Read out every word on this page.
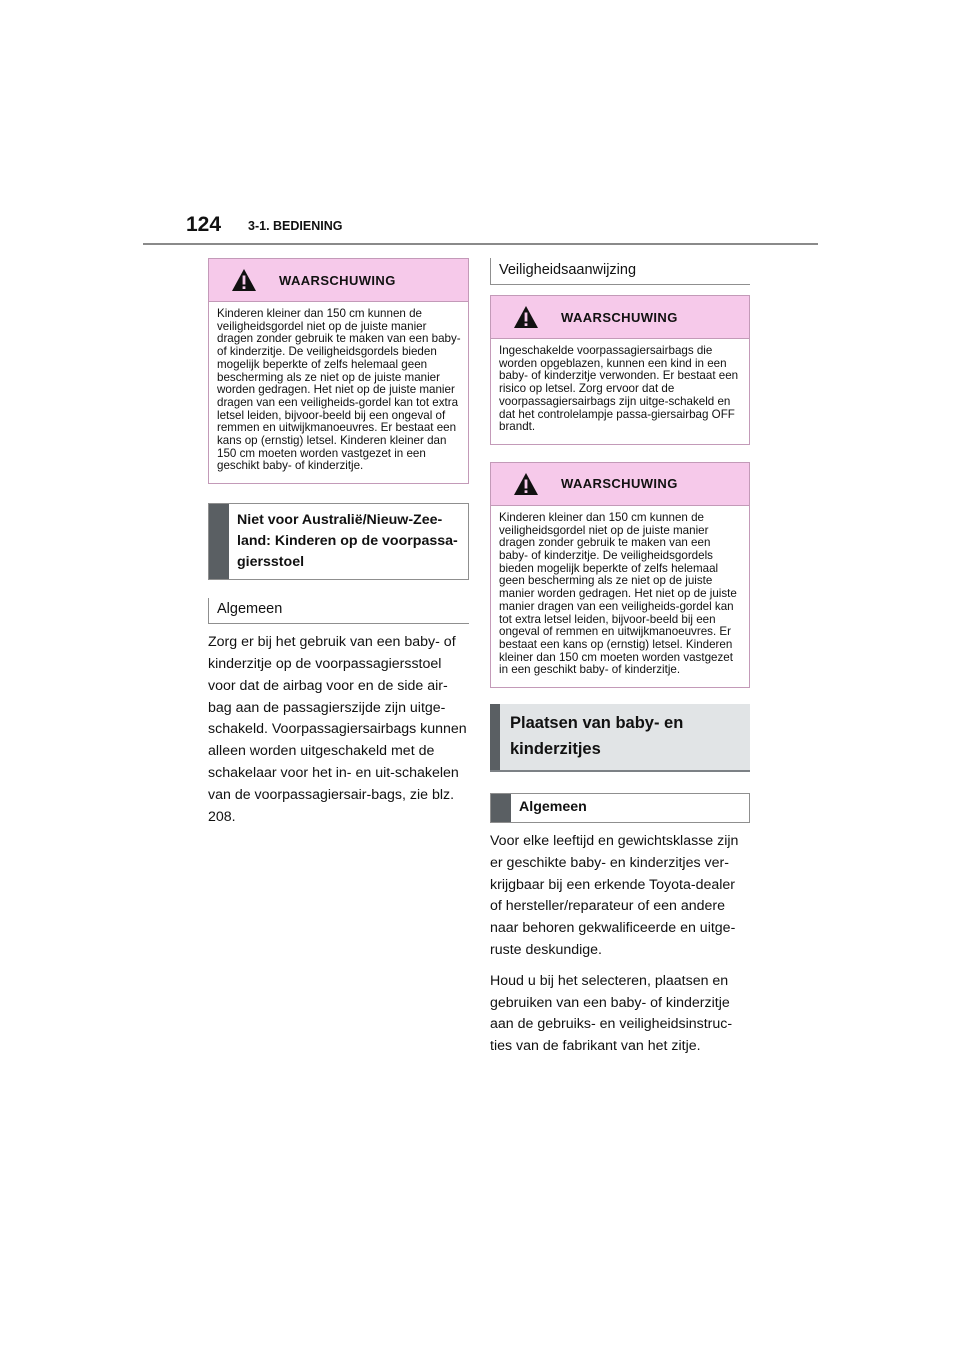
124 3-1. BEDIENING
WAARSCHUWING
Kinderen kleiner dan 150 cm kunnen de veiligheidsgordel niet op de juiste manier dragen zonder gebruik te maken van een baby- of kinderzitje. De veiligheidsgordels bieden mogelijk beperkte of zelfs helemaal geen bescherming als ze niet op de juiste manier worden gedragen. Het niet op de juiste manier dragen van een veiligheids-gordel kan tot extra letsel leiden, bijvoor-beeld bij een ongeval of remmen en uitwijkmanoeuvres. Er bestaat een kans op (ernstig) letsel. Kinderen kleiner dan 150 cm moeten worden vastgezet in een geschikt baby- of kinderzitje.
Niet voor Australië/Nieuw-Zee-land: Kinderen op de voorpassa-giersstoel
Algemeen

Zorg er bij het gebruik van een baby- of kinderzitje op de voorpassagiersstoel voor dat de airbag voor en de side air-bag aan de passagierszijde zijn uitge-schakeld. Voorpassagiersairbags kunnen alleen worden uitgeschakeld met de schakelaar voor het in- en uit-schakelen van de voorpassagiersair-bags, zie blz. 208.

Veiligheidsaanwijzing
WAARSCHUWING
Ingeschakelde voorpassagiersairbags die worden opgeblazen, kunnen een kind in een baby- of kinderzitje verwonden. Er bestaat een risico op letsel. Zorg ervoor dat de voorpassagiersairbags zijn uitge-schakeld en dat het controlelampje passa-giersairbag OFF brandt.
WAARSCHUWING
Kinderen kleiner dan 150 cm kunnen de veiligheidsgordel niet op de juiste manier dragen zonder gebruik te maken van een baby- of kinderzitje. De veiligheidsgordels bieden mogelijk beperkte of zelfs helemaal geen bescherming als ze niet op de juiste manier worden gedragen. Het niet op de juiste manier dragen van een veiligheids-gordel kan tot extra letsel leiden, bijvoor-beeld bij een ongeval of remmen en uitwijkmanoeuvres. Er bestaat een kans op (ernstig) letsel. Kinderen kleiner dan 150 cm moeten worden vastgezet in een geschikt baby- of kinderzitje.
Plaatsen van baby- en kinderzitjes
Algemeen

Voor elke leeftijd en gewichtsklasse zijn er geschikte baby- en kinderzitjes ver-krijgbaar bij een erkende Toyota-dealer of hersteller/reparateur of een andere naar behoren gekwalificeerde en uitge-ruste deskundige.

Houd u bij het selecteren, plaatsen en gebruiken van een baby- of kinderzitje aan de gebruiks- en veiligheidsinstruc-ties van de fabrikant van het zitje.
